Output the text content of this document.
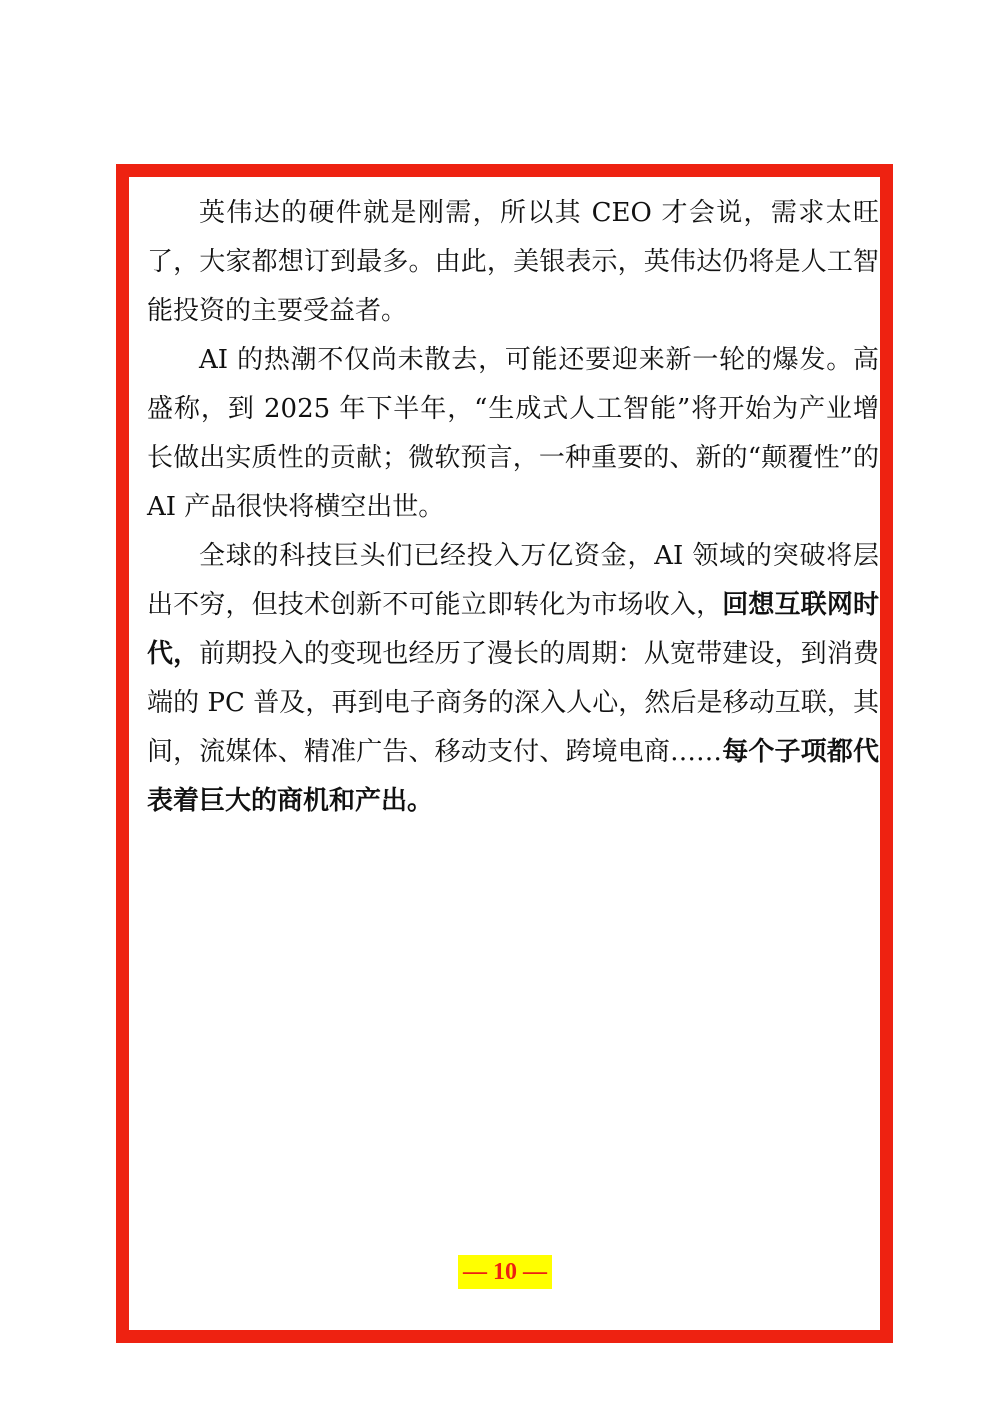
英伟达的硬件就是刚需，所以其 CEO 才会说，需求太旺了，大家都想订到最多。由此，美银表示，英伟达仍将是人工智能投资的主要受益者。

AI 的热潮不仅尚未散去，可能还要迎来新一轮的爆发。高盛称，到 2025 年下半年，“生成式人工智能”将开始为产业增长做出实质性的贡献；微软预言，一种重要的、新的“颠覆性”的 AI 产品很快将横空出世。

全球的科技巨头们已经投入万亿资金，AI 领域的突破将层出不穷，但技术创新不可能立即转化为市场收入，回想互联网时代，前期投入的变现也经历了漫长的周期：从宽带建设，到消费端的 PC 普及，再到电子商务的深入人心，然后是移动互联，其间，流媒体、精准广告、移动支付、跨境电商……每个子项都代表着巨大的商机和产出。

— 10 —
